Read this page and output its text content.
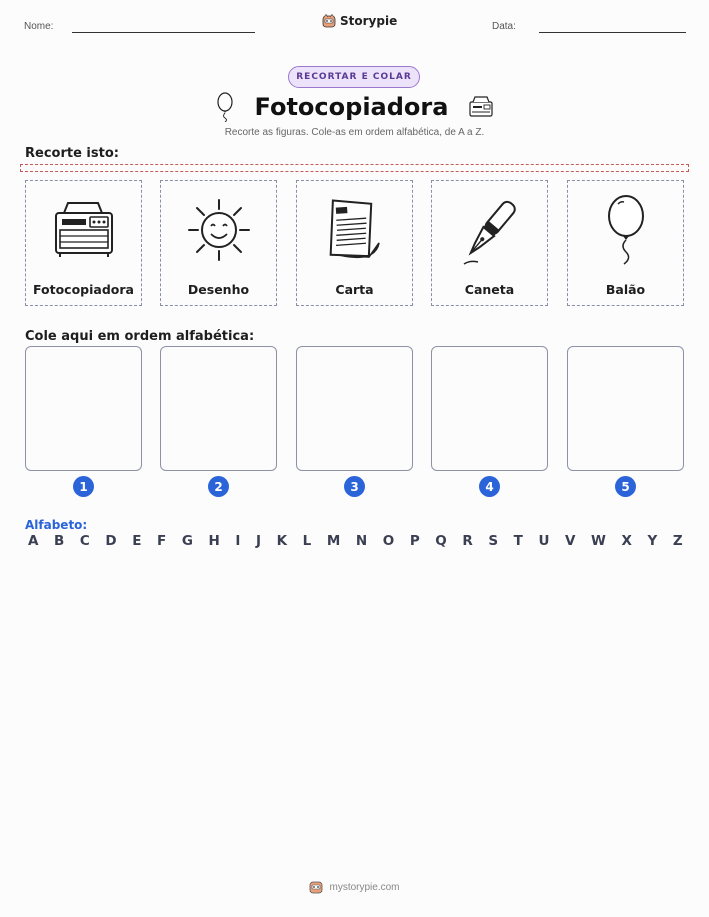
Nome:	Storypie	Data:
RECORTAR E COLAR
Fotocopiadora
Recorte as figuras. Cole-as em ordem alfabética, de A a Z.
Recorte isto:
Fotocopiadora	Desenho	Carta	Caneta	Balão
Cole aqui em ordem alfabética:
1	2	3	4	5
Alfabeto:
A B C D E F G H I J K L M N O P Q R S T U V W X Y Z
mystorypie.com
